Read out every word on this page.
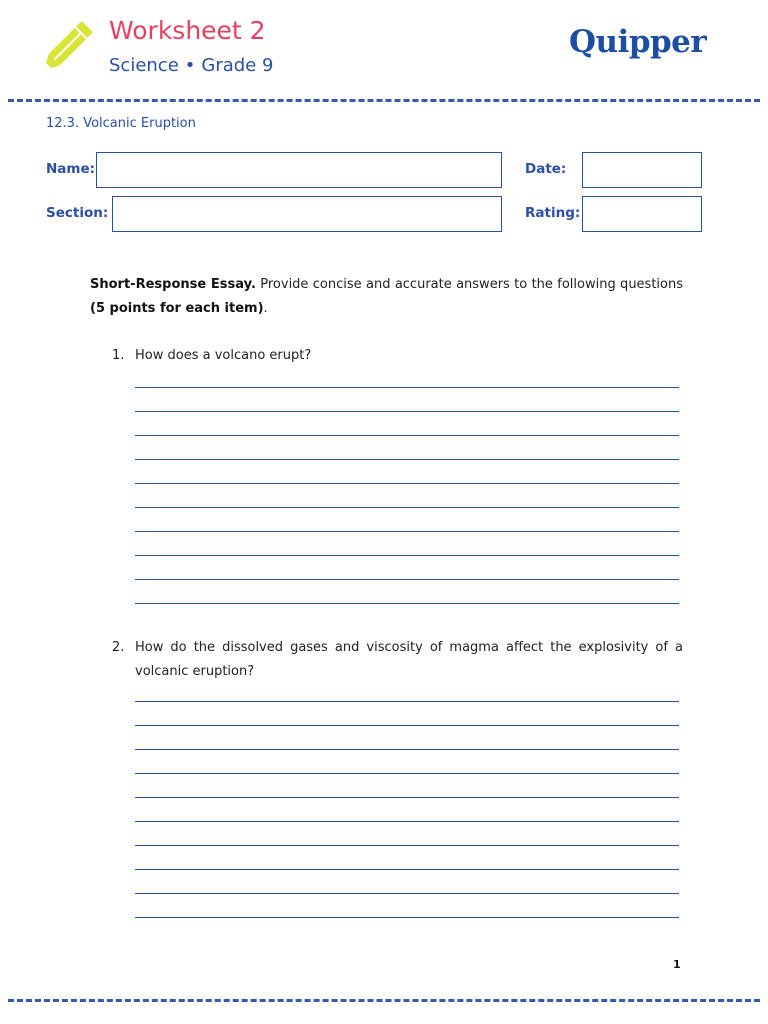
Worksheet 2
Science • Grade 9
Quipper
12.3. Volcanic Eruption
Name:	Date:
Section:	Rating:
Short-Response Essay. Provide concise and accurate answers to the following questions (5 points for each item).
1. How does a volcano erupt?
2. How do the dissolved gases and viscosity of magma affect the explosivity of a volcanic eruption?
1
